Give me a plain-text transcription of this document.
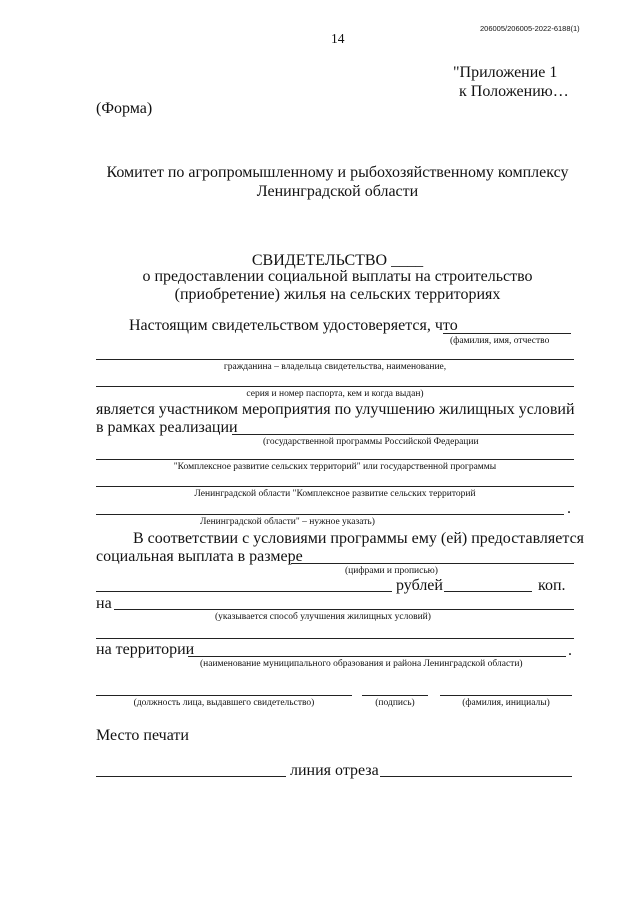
206005/206005-2022-6188(1)
14
"Приложение 1
к Положению…
(Форма)
Комитет по агропромышленному и рыбохозяйственному комплексу
Ленинградской области
СВИДЕТЕЛЬСТВО ____
о предоставлении социальной выплаты на строительство
(приобретение) жилья на сельских территориях
Настоящим свидетельством удостоверяется, что
(фамилия, имя, отчество
гражданина – владельца свидетельства, наименование,
серия и номер паспорта, кем и когда выдан)
является участником мероприятия по улучшению жилищных условий
в рамках реализации
(государственной программы Российской Федерации
"Комплексное развитие сельских территорий" или государственной программы
Ленинградской области "Комплексное развитие сельских территорий
.
Ленинградской области" – нужное указать)
В соответствии с условиями программы ему (ей) предоставляется
социальная выплата в размере
(цифрами и прописью)
рублей	коп.
на
(указывается способ улучшения жилищных условий)
на территории	.
(наименование муниципального образования и района Ленинградской области)
(должность лица, выдавшего свидетельство)	(подпись)	(фамилия, инициалы)
Место печати
линия отреза
